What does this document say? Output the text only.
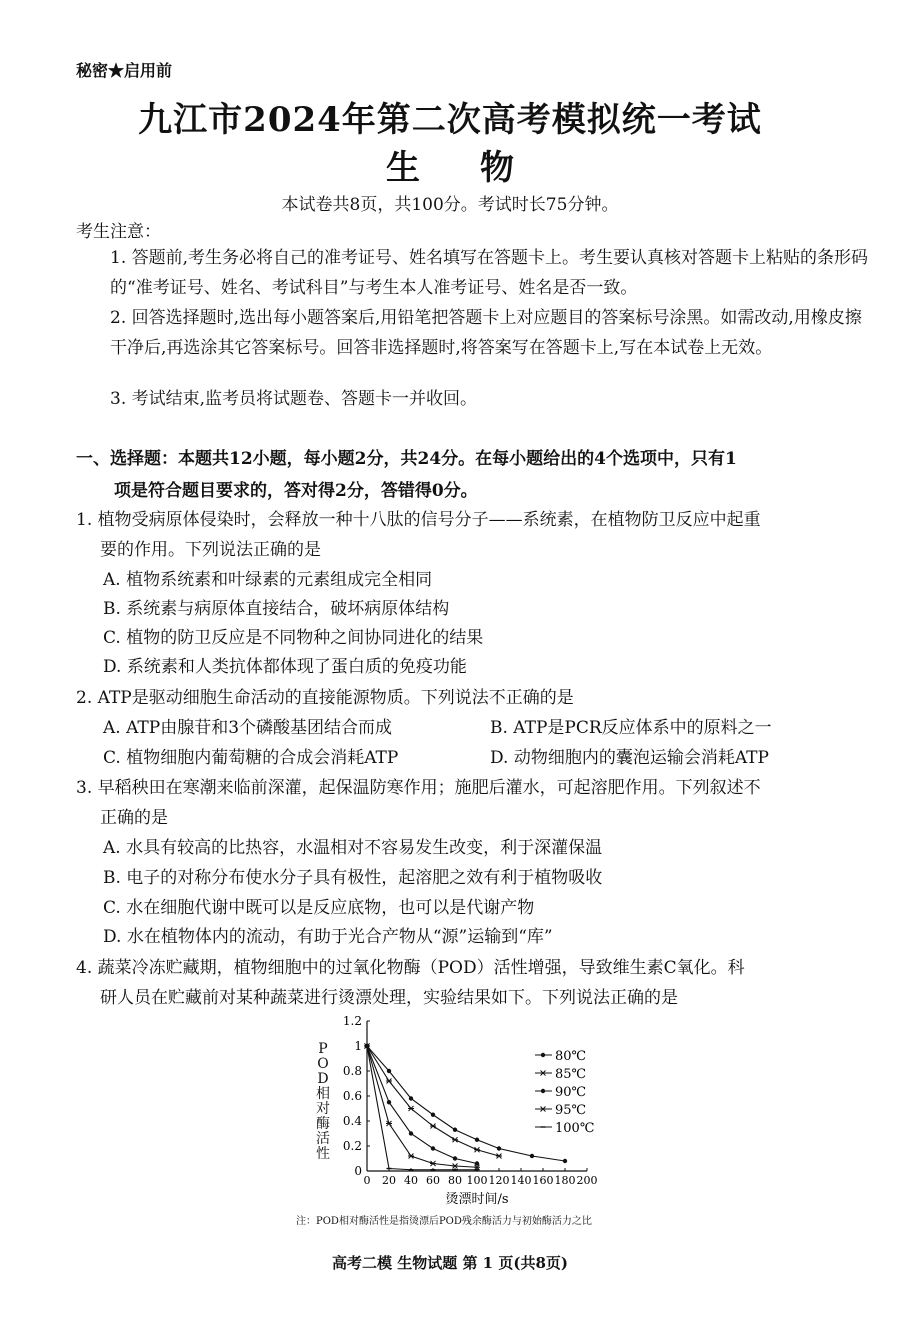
秘密★启用前
九江市2024年第二次高考模拟统一考试
生物
本试卷共8页，共100分。考试时长75分钟。
考生注意：
1. 答题前,考生务必将自己的准考证号、姓名填写在答题卡上。考生要认真核对答题卡上粘贴的条形码的“准考证号、姓名、考试科目”与考生本人准考证号、姓名是否一致。
2. 回答选择题时,选出每小题答案后,用铅笔把答题卡上对应题目的答案标号涂黑。如需改动,用橡皮擦干净后,再选涂其它答案标号。回答非选择题时,将答案写在答题卡上,写在本试卷上无效。
3. 考试结束,监考员将试题卷、答题卡一并收回。
一、选择题：本题共12小题，每小题2分，共24分。在每小题给出的4个选项中，只有1
项是符合题目要求的，答对得2分，答错得0分。
1. 植物受病原体侵染时，会释放一种十八肽的信号分子——系统素，在植物防卫反应中起重
要的作用。下列说法正确的是
A. 植物系统素和叶绿素的元素组成完全相同
B. 系统素与病原体直接结合，破坏病原体结构
C. 植物的防卫反应是不同物种之间协同进化的结果
D. 系统素和人类抗体都体现了蛋白质的免疫功能
2. ATP是驱动细胞生命活动的直接能源物质。下列说法不正确的是
A. ATP由腺苷和3个磷酸基团结合而成	B. ATP是PCR反应体系中的原料之一
C. 植物细胞内葡萄糖的合成会消耗ATP	D. 动物细胞内的囊泡运输会消耗ATP
3. 早稻秧田在寒潮来临前深灌，起保温防寒作用；施肥后灌水，可起溶肥作用。下列叙述不
正确的是
A. 水具有较高的比热容，水温相对不容易发生改变，利于深灌保温
B. 电子的对称分布使水分子具有极性，起溶肥之效有利于植物吸收
C. 水在细胞代谢中既可以是反应底物，也可以是代谢产物
D. 水在植物体内的流动，有助于光合产物从“源”运输到“库”
4. 蔬菜冷冻贮藏期，植物细胞中的过氧化物酶（POD）活性增强，导致维生素C氧化。科
研人员在贮藏前对某种蔬菜进行烫漂处理，实验结果如下。下列说法正确的是
0 20 40 60 80 100 120 140 160 180 200
0
0.2
0.4
0.6
0.8
1
1.2
80℃
85℃
90℃
95℃
100℃
烫漂时间/s
POD相对酶活性
注：POD相对酶活性是指烫漂后POD残余酶活力与初始酶活力之比
高考二模 生物试题 第 1 页(共8页)
